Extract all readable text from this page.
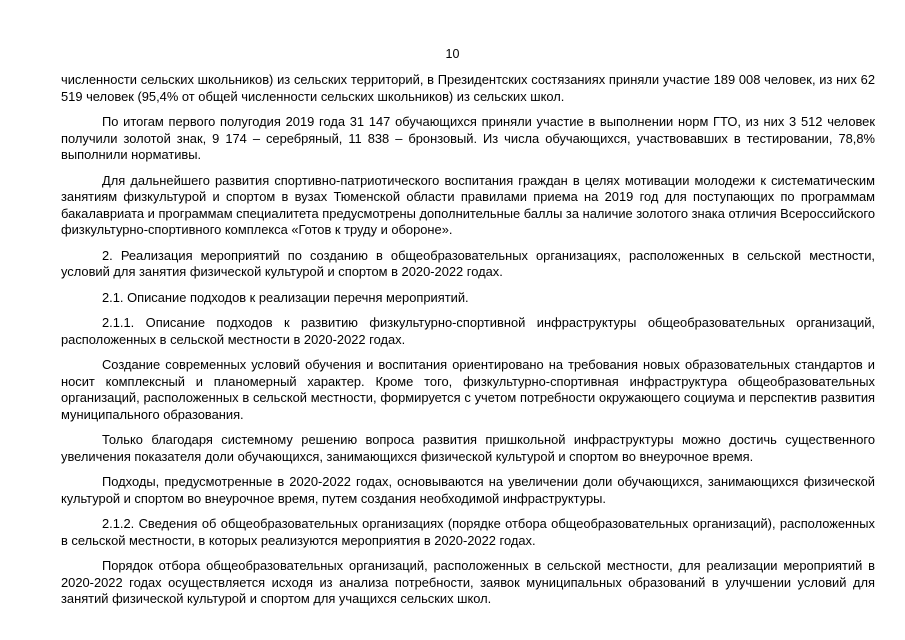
10

численности сельских школьников) из сельских территорий, в Президентских состязаниях приняли участие 189 008 человек, из них 62 519 человек (95,4% от общей численности сельских школьников) из сельских школ.

По итогам первого полугодия 2019 года 31 147 обучающихся приняли участие в выполнении норм ГТО, из них 3 512 человек получили золотой знак, 9 174 – серебряный, 11 838 – бронзовый. Из числа обучающихся, участвовавших в тестировании, 78,8% выполнили нормативы.

Для дальнейшего развития спортивно-патриотического воспитания граждан в целях мотивации молодежи к систематическим занятиям физкультурой и спортом в вузах Тюменской области правилами приема на 2019 год для поступающих по программам бакалавриата и программам специалитета предусмотрены дополнительные баллы за наличие золотого знака отличия Всероссийского физкультурно-спортивного комплекса «Готов к труду и обороне».

2. Реализация мероприятий по созданию в общеобразовательных организациях, расположенных в сельской местности, условий для занятия физической культурой и спортом в 2020-2022 годах.

2.1. Описание подходов к реализации перечня мероприятий.

2.1.1. Описание подходов к развитию физкультурно-спортивной инфраструктуры общеобразовательных организаций, расположенных в сельской местности в 2020-2022 годах.

Создание современных условий обучения и воспитания ориентировано на требования новых образовательных стандартов и носит комплексный и планомерный характер. Кроме того, физкультурно-спортивная инфраструктура общеобразовательных организаций, расположенных в сельской местности, формируется с учетом потребности окружающего социума и перспектив развития муниципального образования.

Только благодаря системному решению вопроса развития пришкольной инфраструктуры можно достичь существенного увеличения показателя доли обучающихся, занимающихся физической культурой и спортом во внеурочное время.

Подходы, предусмотренные в 2020-2022 годах, основываются на увеличении доли обучающихся, занимающихся физической культурой и спортом во внеурочное время, путем создания необходимой инфраструктуры.

2.1.2. Сведения об общеобразовательных организациях (порядке отбора общеобразовательных организаций), расположенных в сельской местности, в которых реализуются мероприятия в 2020-2022 годах.

Порядок отбора общеобразовательных организаций, расположенных в сельской местности, для реализации мероприятий в 2020-2022 годах осуществляется исходя из анализа потребности, заявок муниципальных образований в улучшении условий для занятий физической культурой и спортом для учащихся сельских школ.
